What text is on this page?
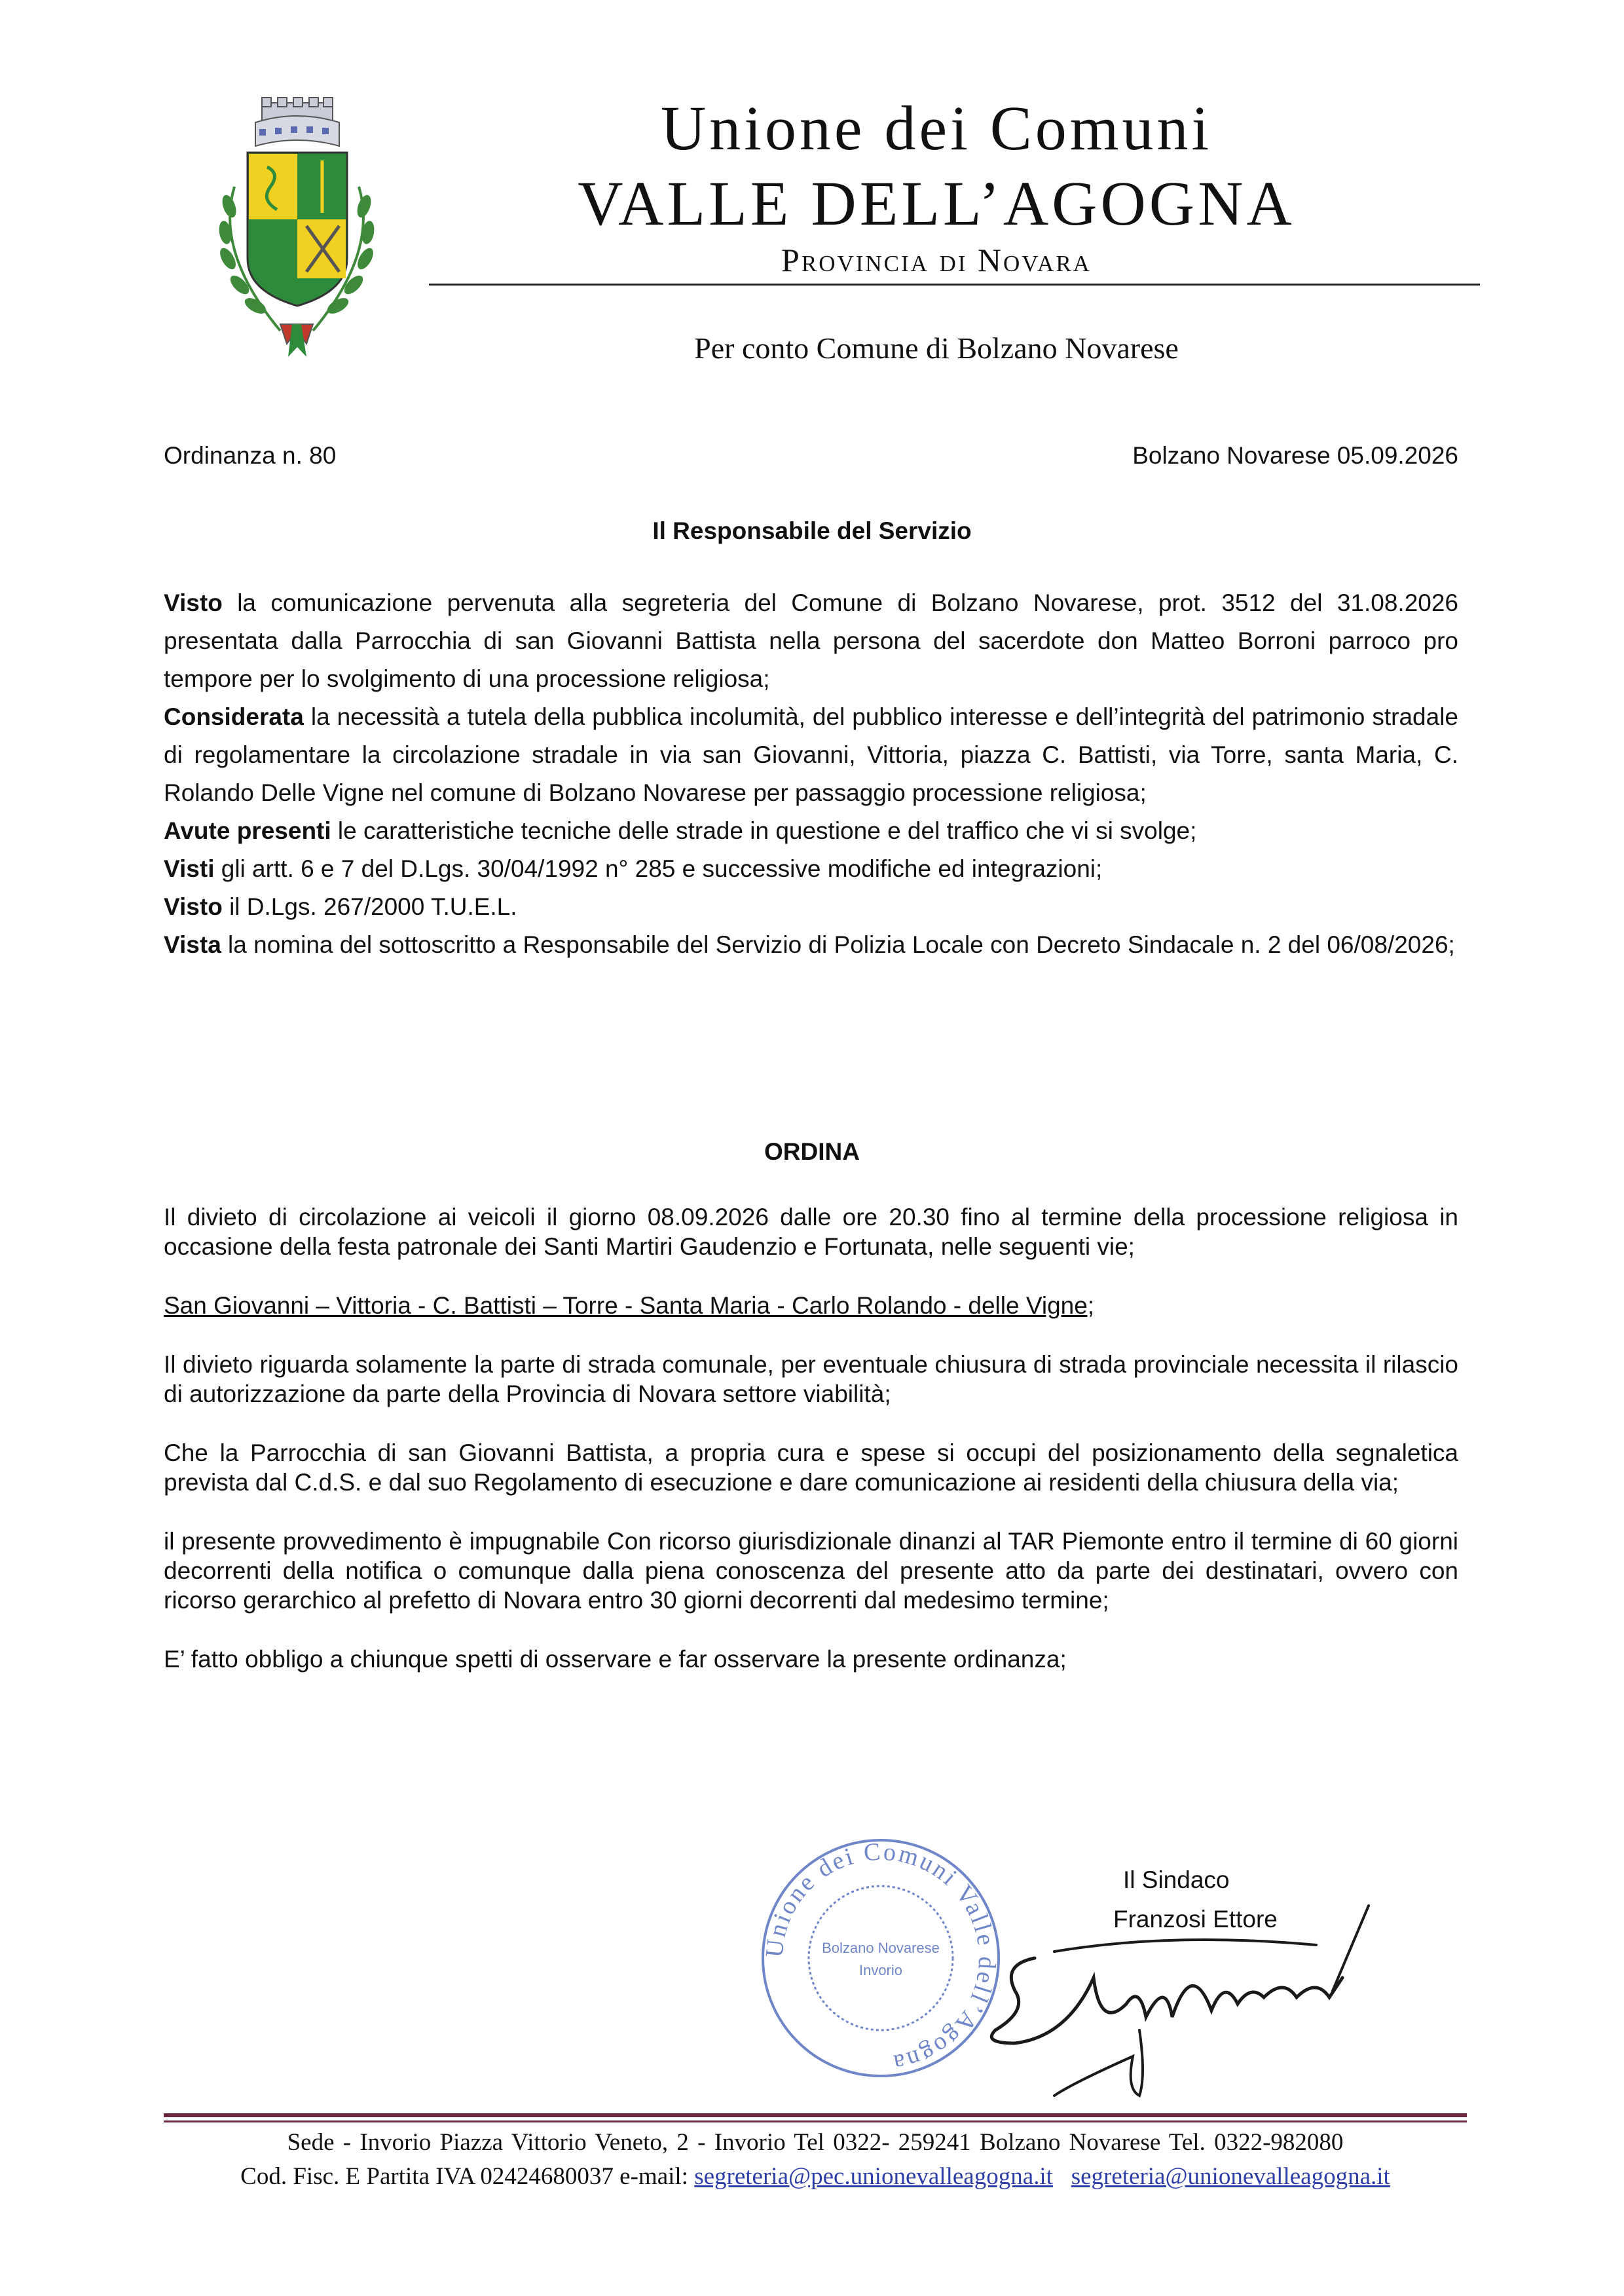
Unione dei Comuni
VALLE DELL’AGOGNA
Provincia di Novara
Per conto Comune di Bolzano Novarese
Ordinanza n. 80	Bolzano Novarese 05.09.2026
Il Responsabile del Servizio

Visto la comunicazione pervenuta alla segreteria del Comune di Bolzano Novarese, prot. 3512 del 31.08.2026 presentata dalla Parrocchia di san Giovanni Battista nella persona del sacerdote don Matteo Borroni parroco pro tempore per lo svolgimento di una processione religiosa;

Considerata la necessità a tutela della pubblica incolumità, del pubblico interesse e dell’integrità del patrimonio stradale di regolamentare la circolazione stradale in via san Giovanni, Vittoria, piazza C. Battisti, via Torre, santa Maria, C. Rolando Delle Vigne nel comune di Bolzano Novarese per passaggio processione religiosa;

Avute presenti le caratteristiche tecniche delle strade in questione e del traffico che vi si svolge;

Visti gli artt. 6 e 7 del D.Lgs. 30/04/1992 n° 285 e successive modifiche ed integrazioni;

Visto il D.Lgs. 267/2000 T.U.E.L.

Vista la nomina del sottoscritto a Responsabile del Servizio di Polizia Locale con Decreto Sindacale n. 2 del 06/08/2026;

ORDINA

Il divieto di circolazione ai veicoli il giorno 08.09.2026 dalle ore 20.30 fino al termine della processione religiosa in occasione della festa patronale dei Santi Martiri Gaudenzio e Fortunata, nelle seguenti vie;

San Giovanni – Vittoria - C. Battisti – Torre - Santa Maria - Carlo Rolando - delle Vigne;

Il divieto riguarda solamente la parte di strada comunale, per eventuale chiusura di strada provinciale necessita il rilascio di autorizzazione da parte della Provincia di Novara settore viabilità;

Che la Parrocchia di san Giovanni Battista, a propria cura e spese si occupi del posizionamento della segnaletica prevista dal C.d.S. e dal suo Regolamento di esecuzione e dare comunicazione ai residenti della chiusura della via;

il presente provvedimento è impugnabile Con ricorso giurisdizionale dinanzi al TAR Piemonte entro il termine di 60 giorni decorrenti della notifica o comunque dalla piena conoscenza del presente atto da parte dei destinatari, ovvero con ricorso gerarchico al prefetto di Novara entro 30 giorni decorrenti dal medesimo termine;

E’ fatto obbligo a chiunque spetti di osservare e far osservare la presente ordinanza;

Unione dei Comuni Valle dell’Agogna
Bolzano Novarese
Invorio
Il Sindaco
Franzosi Ettore
Sede - Invorio Piazza Vittorio Veneto, 2 - Invorio Tel 0322- 259241 Bolzano Novarese Tel. 0322-982080
Cod. Fisc. E Partita IVA 02424680037 e-mail: segreteria@pec.unionevalleagogna.it segreteria@unionevalleagogna.it
